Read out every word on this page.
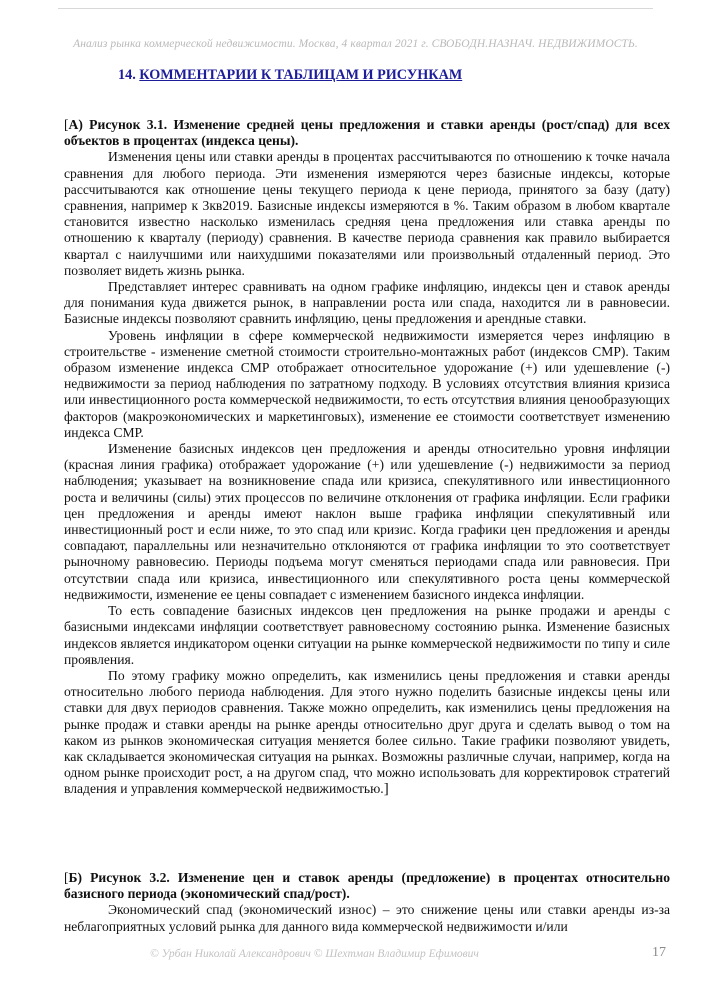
Анализ рынка коммерческой недвижимости. Москва, 4 квартал 2021 г. СВОБОДН.НАЗНАЧ. НЕДВИЖИМОСТЬ.
14. КОММЕНТАРИИ К ТАБЛИЦАМ И РИСУНКАМ

[А) Рисунок 3.1. Изменение средней цены предложения и ставки аренды (рост/спад) для всех объектов в процентах (индекса цены).

Изменения цены или ставки аренды в процентах рассчитываются по отношению к точке начала сравнения для любого периода. Эти изменения измеряются через базисные индексы, которые рассчитываются как отношение цены текущего периода к цене периода, принятого за базу (дату) сравнения, например к 3кв2019. Базисные индексы измеряются в %. Таким образом в любом квартале становится известно насколько изменилась средняя цена предложения или ставка аренды по отношению к кварталу (периоду) сравнения. В качестве периода сравнения как правило выбирается квартал с наилучшими или наихудшими показателями или произвольный отдаленный период. Это позволяет видеть жизнь рынка.

Представляет интерес сравнивать на одном графике инфляцию, индексы цен и ставок аренды для понимания куда движется рынок, в направлении роста или спада, находится ли в равновесии. Базисные индексы позволяют сравнить инфляцию, цены предложения и арендные ставки.

Уровень инфляции в сфере коммерческой недвижимости измеряется через инфляцию в строительстве - изменение сметной стоимости строительно-монтажных работ (индексов СМР). Таким образом изменение индекса СМР отображает относительное удорожание (+) или удешевление (-) недвижимости за период наблюдения по затратному подходу. В условиях отсутствия влияния кризиса или инвестиционного роста коммерческой недвижимости, то есть отсутствия влияния ценообразующих факторов (макроэкономических и маркетинговых), изменение ее стоимости соответствует изменению индекса СМР.

Изменение базисных индексов цен предложения и аренды относительно уровня инфляции (красная линия графика) отображает удорожание (+) или удешевление (-) недвижимости за период наблюдения; указывает на возникновение спада или кризиса, спекулятивного или инвестиционного роста и величины (силы) этих процессов по величине отклонения от графика инфляции. Если графики цен предложения и аренды имеют наклон выше графика инфляции спекулятивный или инвестиционный рост и если ниже, то это спад или кризис. Когда графики цен предложения и аренды совпадают, параллельны или незначительно отклоняются от графика инфляции то это соответствует рыночному равновесию. Периоды подъема могут сменяться периодами спада или равновесия. При отсутствии спада или кризиса, инвестиционного или спекулятивного роста цены коммерческой недвижимости, изменение ее цены совпадает с изменением базисного индекса инфляции.

То есть совпадение базисных индексов цен предложения на рынке продажи и аренды с базисными индексами инфляции соответствует равновесному состоянию рынка. Изменение базисных индексов является индикатором оценки ситуации на рынке коммерческой недвижимости по типу и силе проявления.

По этому графику можно определить, как изменились цены предложения и ставки аренды относительно любого периода наблюдения. Для этого нужно поделить базисные индексы цены или ставки для двух периодов сравнения. Также можно определить, как изменились цены предложения на рынке продаж и ставки аренды на рынке аренды относительно друг друга и сделать вывод о том на каком из рынков экономическая ситуация меняется более сильно. Такие графики позволяют увидеть, как складывается экономическая ситуация на рынках. Возможны различные случаи, например, когда на одном рынке происходит рост, а на другом спад, что можно использовать для корректировок стратегий владения и управления коммерческой недвижимостью.]

[Б) Рисунок 3.2. Изменение цен и ставок аренды (предложение) в процентах относительно базисного периода (экономический спад/рост).

Экономический спад (экономический износ) – это снижение цены или ставки аренды из-за неблагоприятных условий рынка для данного вида коммерческой недвижимости и/или

© Урбан Николай Александрович © Шехтман Владимир Ефимович	17
